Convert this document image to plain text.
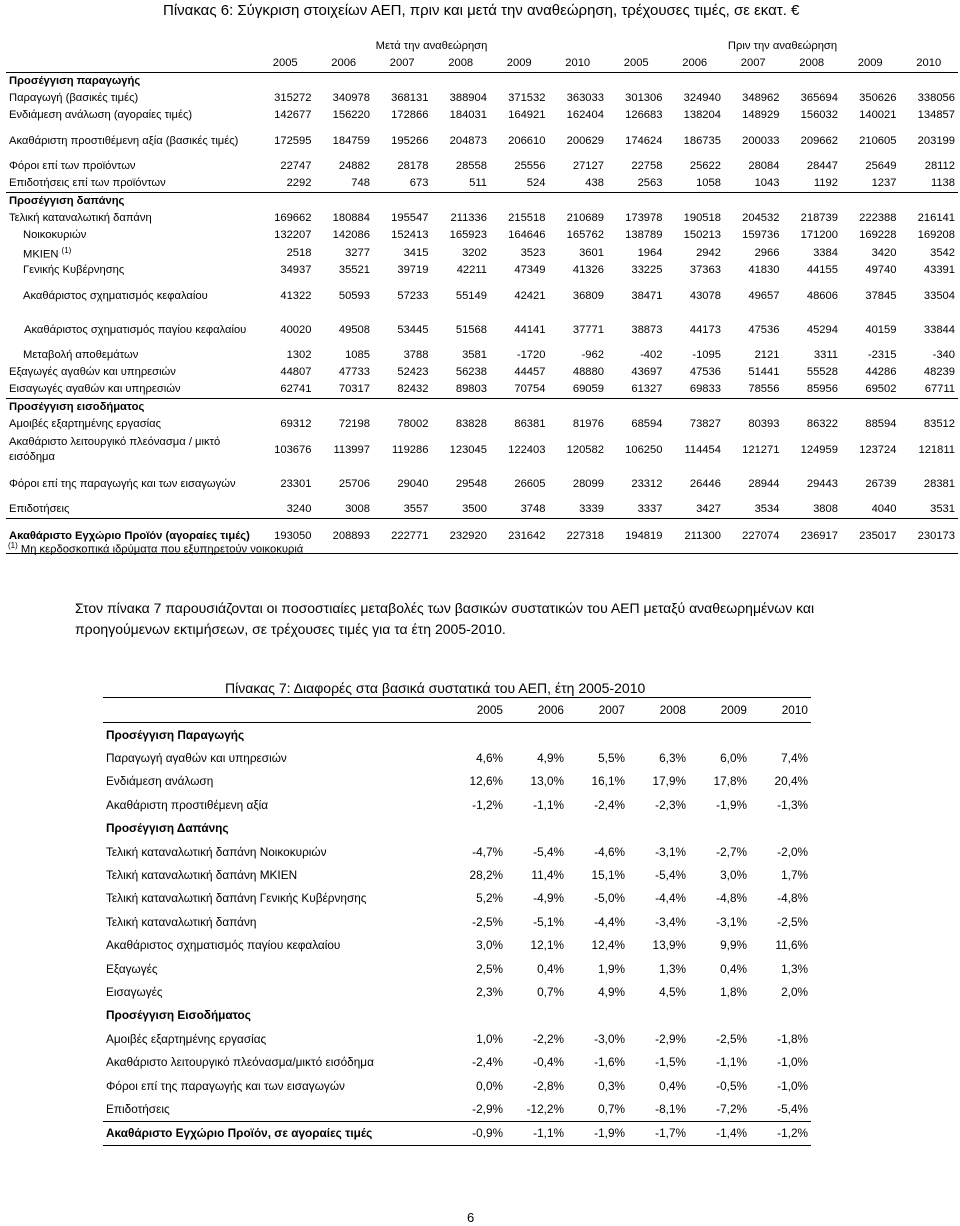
Πίνακας 6: Σύγκριση στοιχείων ΑΕΠ, πριν και μετά την αναθεώρηση, τρέχουσες τιμές, σε εκατ. €
	Μετά την αναθεώρηση						Πριν την αναθεώρηση					
	2005	2006	2007	2008	2009	2010	2005	2006	2007	2008	2009	2010
Προσέγγιση παραγωγής												
Παραγωγή (βασικές τιμές)	315272	340978	368131	388904	371532	363033	301306	324940	348962	365694	350626	338056
Ενδιάμεση ανάλωση (αγοραίες τιμές)	142677	156220	172866	184031	164921	162404	126683	138204	148929	156032	140021	134857
Ακαθάριστη προστιθέμενη αξία (βασικές τιμές)	172595	184759	195266	204873	206610	200629	174624	186735	200033	209662	210605	203199
Φόροι επί των προϊόντων	22747	24882	28178	28558	25556	27127	22758	25622	28084	28447	25649	28112
Επιδοτήσεις επί των προϊόντων	2292	748	673	511	524	438	2563	1058	1043	1192	1237	1138
Προσέγγιση δαπάνης												
Τελική καταναλωτική δαπάνη	169662	180884	195547	211336	215518	210689	173978	190518	204532	218739	222388	216141
Νοικοκυριών	132207	142086	152413	165923	164646	165762	138789	150213	159736	171200	169228	169208
ΜΚΙΕΝ $^{(1)}$	2518	3277	3415	3202	3523	3601	1964	2942	2966	3384	3420	3542
Γενικής Κυβέρνησης	34937	35521	39719	42211	47349	41326	33225	37363	41830	44155	49740	43391
Ακαθάριστος σχηματισμός κεφαλαίου	41322	50593	57233	55149	42421	36809	38471	43078	49657	48606	37845	33504
Ακαθάριστος σχηματισμός παγίου κεφαλαίου	40020	49508	53445	51568	44141	37771	38873	44173	47536	45294	40159	33844
Μεταβολή αποθεμάτων	1302	1085	3788	3581	-1720	-962	-402	-1095	2121	3311	-2315	-340
Εξαγωγές αγαθών και υπηρεσιών	44807	47733	52423	56238	44457	48880	43697	47536	51441	55528	44286	48239
Εισαγωγές αγαθών και υπηρεσιών	62741	70317	82432	89803	70754	69059	61327	69833	78556	85956	69502	67711
Προσέγγιση εισοδήματος												
Αμοιβές εξαρτημένης εργασίας	69312	72198	78002	83828	86381	81976	68594	73827	80393	86322	88594	83512
Ακαθάριστο λειτουργικό πλεόνασμα / μικτό εισόδημα	103676	113997	119286	123045	122403	120582	106250	114454	121271	124959	123724	121811
Φόροι επί της παραγωγής και των εισαγωγών	23301	25706	29040	29548	26605	28099	23312	26446	28944	29443	26739	28381
Επιδοτήσεις	3240	3008	3557	3500	3748	3339	3337	3427	3534	3808	4040	3531
Ακαθάριστο Εγχώριο Προϊόν (αγοραίες τιμές)	193050	208893	222771	232920	231642	227318	194819	211300	227074	236917	235017	230173
$^{(1)}$ Μη κερδοσκοπικά ιδρύματα που εξυπηρετούν νοικοκυριά
Στον πίνακα 7 παρουσιάζονται οι ποσοστιαίες μεταβολές των βασικών συστατικών του ΑΕΠ μεταξύ αναθεωρημένων και προηγούμενων εκτιμήσεων, σε τρέχουσες τιμές για τα έτη 2005-2010.
Πίνακας 7: Διαφορές στα βασικά συστατικά του ΑΕΠ, έτη 2005-2010
	2005	2006	2007	2008	2009	2010
Προσέγγιση Παραγωγής						
Παραγωγή αγαθών και υπηρεσιών	4,6%	4,9%	5,5%	6,3%	6,0%	7,4%
Ενδιάμεση ανάλωση	12,6%	13,0%	16,1%	17,9%	17,8%	20,4%
Ακαθάριστη προστιθέμενη αξία	-1,2%	-1,1%	-2,4%	-2,3%	-1,9%	-1,3%
Προσέγγιση Δαπάνης						
Τελική καταναλωτική δαπάνη Νοικοκυριών	-4,7%	-5,4%	-4,6%	-3,1%	-2,7%	-2,0%
Τελική καταναλωτική δαπάνη ΜΚΙΕΝ	28,2%	11,4%	15,1%	-5,4%	3,0%	1,7%
Τελική καταναλωτική δαπάνη Γενικής Κυβέρνησης	5,2%	-4,9%	-5,0%	-4,4%	-4,8%	-4,8%
Τελική καταναλωτική δαπάνη	-2,5%	-5,1%	-4,4%	-3,4%	-3,1%	-2,5%
Ακαθάριστος σχηματισμός παγίου κεφαλαίου	3,0%	12,1%	12,4%	13,9%	9,9%	11,6%
Εξαγωγές	2,5%	0,4%	1,9%	1,3%	0,4%	1,3%
Εισαγωγές	2,3%	0,7%	4,9%	4,5%	1,8%	2,0%
Προσέγγιση Εισοδήματος						
Αμοιβές εξαρτημένης εργασίας	1,0%	-2,2%	-3,0%	-2,9%	-2,5%	-1,8%
Ακαθάριστο λειτουργικό πλεόνασμα/μικτό εισόδημα	-2,4%	-0,4%	-1,6%	-1,5%	-1,1%	-1,0%
Φόροι επί της παραγωγής και των εισαγωγών	0,0%	-2,8%	0,3%	0,4%	-0,5%	-1,0%
Επιδοτήσεις	-2,9%	-12,2%	0,7%	-8,1%	-7,2%	-5,4%
Ακαθάριστο Εγχώριο Προϊόν, σε αγοραίες τιμές	-0,9%	-1,1%	-1,9%	-1,7%	-1,4%	-1,2%
6
